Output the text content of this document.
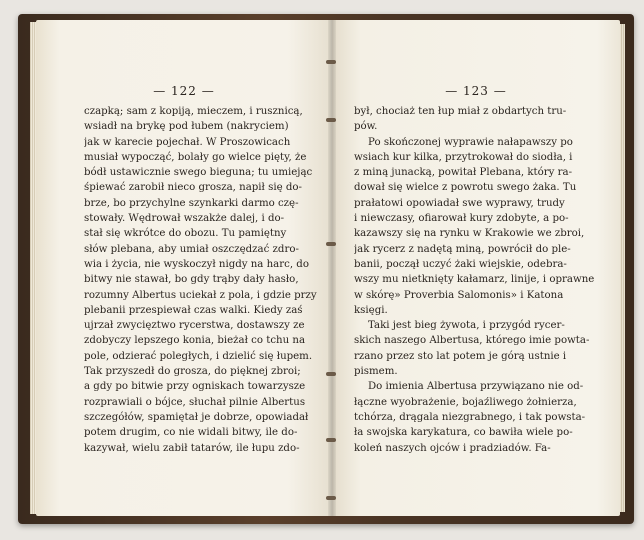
— 122 —
czapką; sam z kopiją, mieczem, i rusznicą,
wsiadł na brykę pod łubem (nakryciem)
jak w karecie pojechał. W Proszowicach
musiał wypocząć, bolały go wielce pięty, że
bódł ustawicznie swego bieguna; tu umiejąc
śpiewać zarobił nieco grosza, napił się do-
brze, bo przychylne szynkarki darmo czę-
stowały. Wędrował wszakże dalej, i do-
stał się wkrótce do obozu. Tu pamiętny
słów plebana, aby umiał oszczędzać zdro-
wia i życia, nie wyskoczył nigdy na harc, do
bitwy nie stawał, bo gdy trąby dały hasło,
rozumny Albertus uciekał z pola, i gdzie przy
plebanii przespiewał czas walki. Kiedy zaś
ujrzał zwycięztwo rycerstwa, dostawszy ze
zdobyczy lepszego konia, bieżał co tchu na
pole, odzierać poległych, i dzielić się łupem.
Tak przyszedł do grosza, do pięknej zbroi;
a gdy po bitwie przy ogniskach towarzysze
rozprawiali o bójce, słuchał pilnie Albertus
szczegółów, spamiętał je dobrze, opowiadał
potem drugim, co nie widali bitwy, ile do-
kazywał, wielu zabił tatarów, ile łupu zdo-
— 123 —
był, chociaż ten łup miał z obdartych tru-
pów.
Po skończonej wyprawie nałapawszy po
wsiach kur kilka, przytrokował do siodła, i
z miną junacką, powitał Plebana, który ra-
dował się wielce z powrotu swego żaka. Tu
prałatowi opowiadał swe wyprawy, trudy
i niewczasy, ofiarował kury zdobyte, a po-
kazawszy się na rynku w Krakowie we zbroi,
jak rycerz z nadętą miną, powrócił do ple-
banii, począł uczyć żaki wiejskie, odebra-
wszy mu nietknięty kałamarz, linije, i oprawne
w skórę» Proverbia Salomonis» i Katona
księgi.
Taki jest bieg żywota, i przygód rycer-
skich naszego Albertusa, którego imie powta-
rzano przez sto lat potem je górą ustnie i
pismem.
Do imienia Albertusa przywiązano nie od-
łączne wyobrażenie, bojaźliwego żołnierza,
tchórza, drągala niezgrabnego, i tak powsta-
ła swojska karykatura, co bawiła wiele po-
koleń naszych ojców i pradziadów. Fa-
